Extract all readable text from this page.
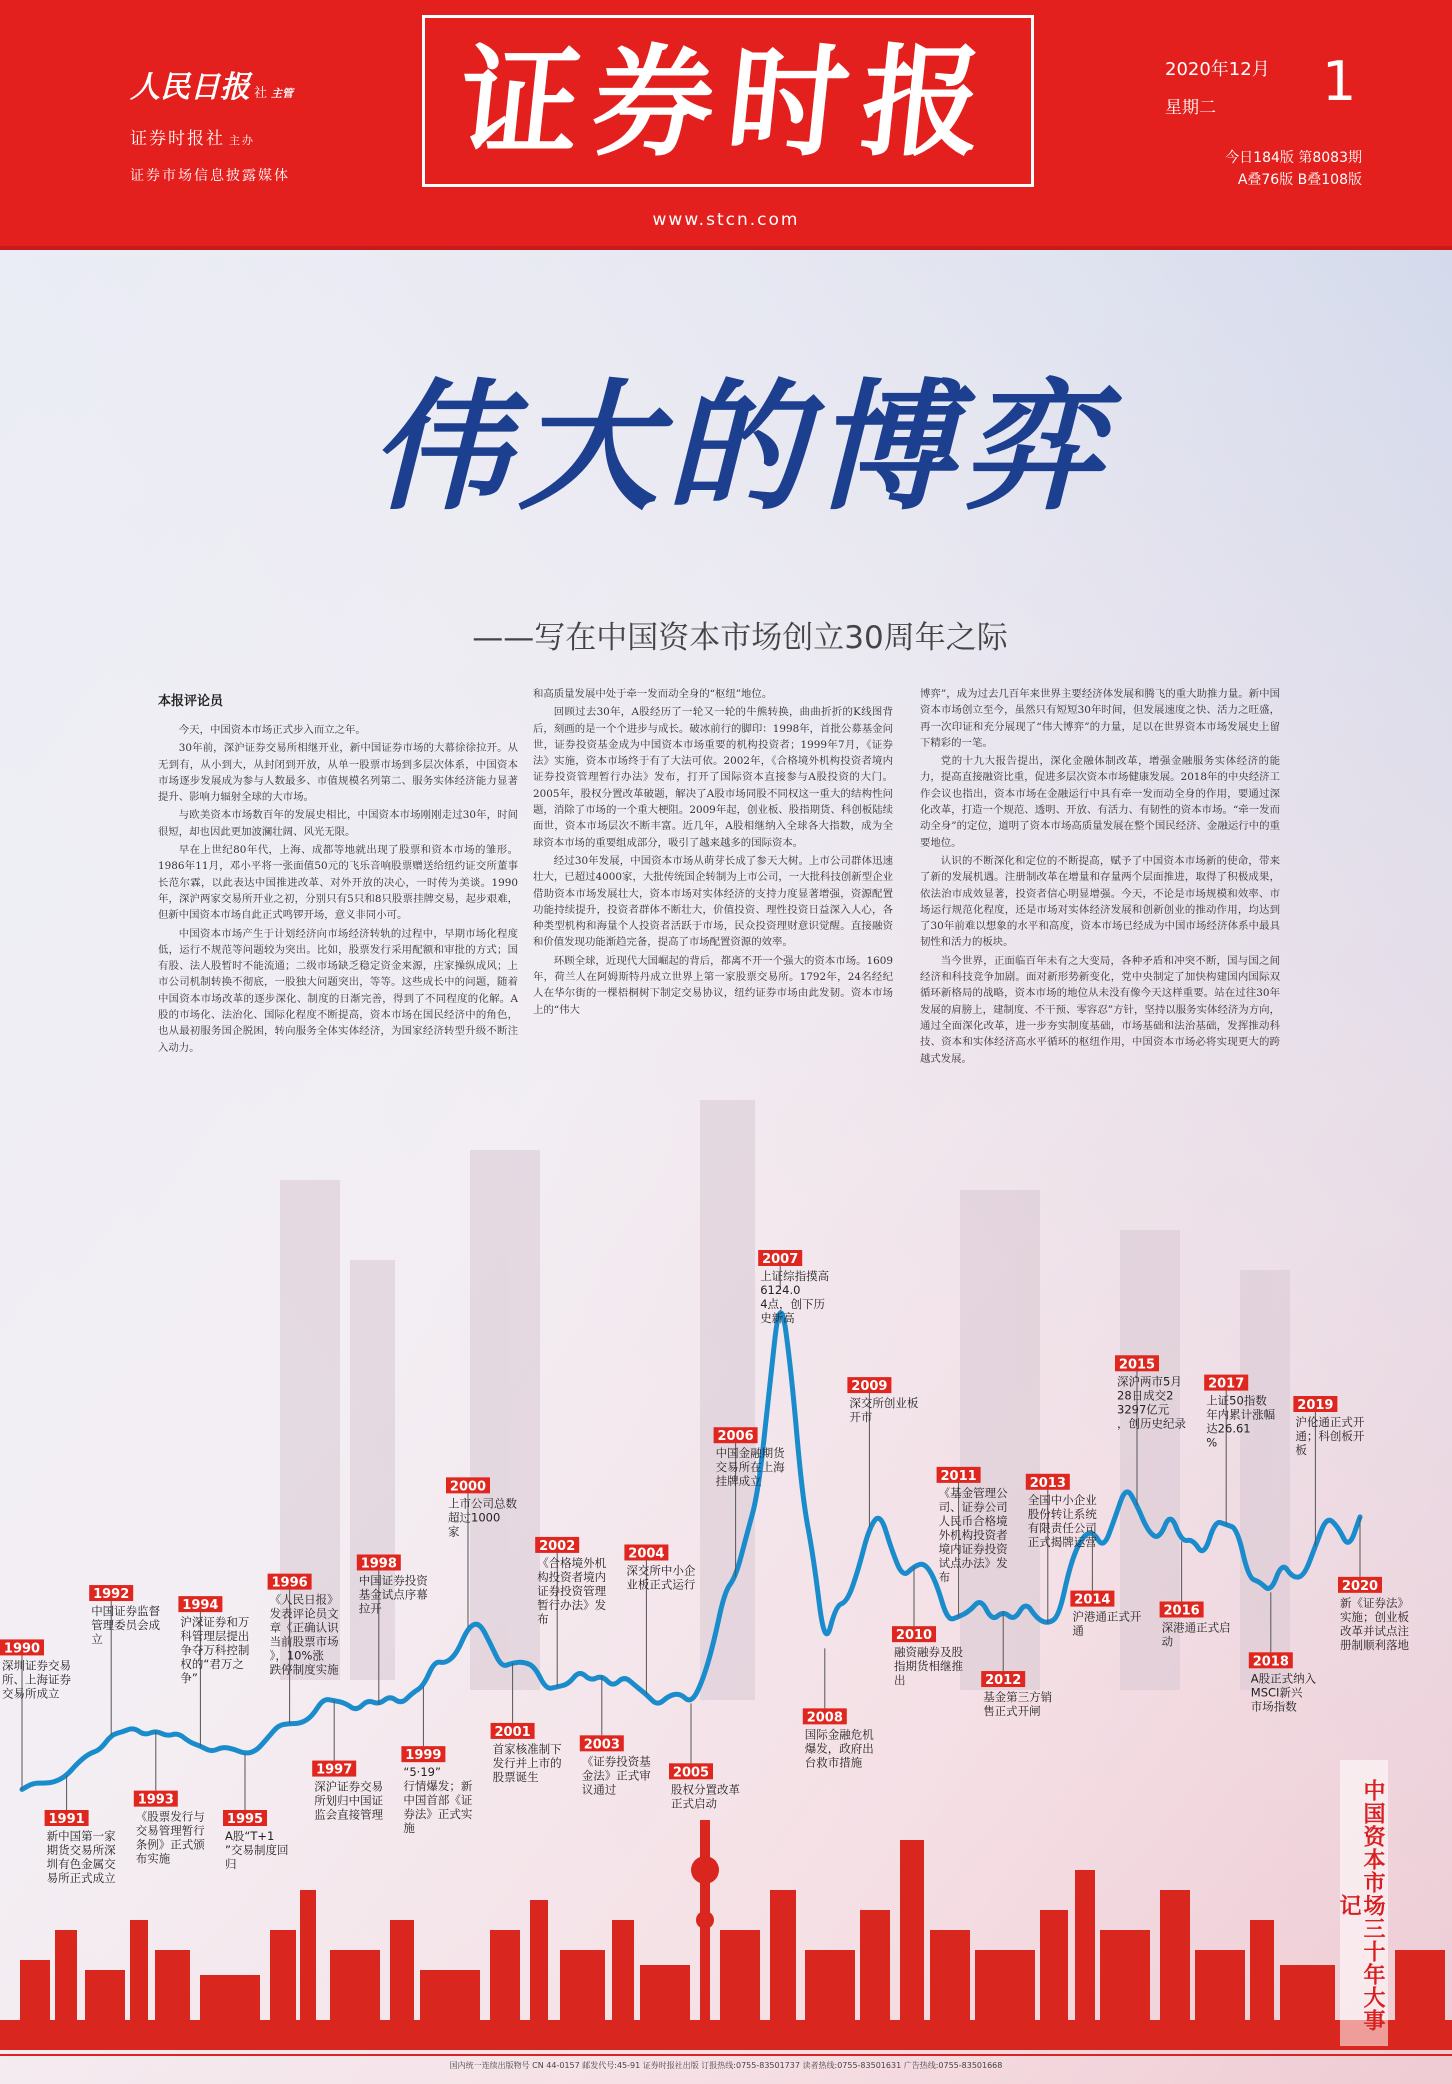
人民日报 社 主管
证券时报社 主办
证券市场信息披露媒体
证券时报
www.stcn.com
2020年12月
星期二	1
今日184版 第8083期
A叠76版 B叠108版
伟大的博弈
——写在中国资本市场创立30周年之际
本报评论员

今天，中国资本市场正式步入而立之年。

30年前，深沪证券交易所相继开业，新中国证券市场的大幕徐徐拉开。从无到有，从小到大，从封闭到开放，从单一股票市场到多层次体系，中国资本市场逐步发展成为参与人数最多、市值规模名列第二、服务实体经济能力显著提升、影响力辐射全球的大市场。

与欧美资本市场数百年的发展史相比，中国资本市场刚刚走过30年，时间很短，却也因此更加波澜壮阔、风光无限。

早在上世纪80年代，上海、成都等地就出现了股票和资本市场的雏形。1986年11月，邓小平将一张面值50元的飞乐音响股票赠送给纽约证交所董事长范尔霖，以此表达中国推进改革、对外开放的决心，一时传为美谈。1990年，深沪两家交易所开业之初，分别只有5只和8只股票挂牌交易，起步艰难，但新中国资本市场自此正式鸣锣开场，意义非同小可。

中国资本市场产生于计划经济向市场经济转轨的过程中，早期市场化程度低，运行不规范等问题较为突出。比如，股票发行采用配额和审批的方式；国有股、法人股暂时不能流通；二级市场缺乏稳定资金来源，庄家操纵成风；上市公司机制转换不彻底，一股独大问题突出，等等。这些成长中的问题，随着中国资本市场改革的逐步深化、制度的日渐完善，得到了不同程度的化解。A股的市场化、法治化、国际化程度不断提高，资本市场在国民经济中的角色，也从最初服务国企脱困，转向服务全体实体经济，为国家经济转型升级不断注入动力。

和高质量发展中处于牵一发而动全身的“枢纽”地位。

回顾过去30年，A股经历了一轮又一轮的牛熊转换，曲曲折折的K线图背后，刻画的是一个个进步与成长。破冰前行的脚印：1998年，首批公募基金问世，证券投资基金成为中国资本市场重要的机构投资者；1999年7月，《证券法》实施，资本市场终于有了大法可依。2002年，《合格境外机构投资者境内证券投资管理暂行办法》发布，打开了国际资本直接参与A股投资的大门。2005年，股权分置改革破题，解决了A股市场同股不同权这一重大的结构性问题，消除了市场的一个重大梗阻。2009年起，创业板、股指期货、科创板陆续面世，资本市场层次不断丰富。近几年，A股相继纳入全球各大指数，成为全球资本市场的重要组成部分，吸引了越来越多的国际资本。

经过30年发展，中国资本市场从萌芽长成了参天大树。上市公司群体迅速壮大，已超过4000家，大批传统国企转制为上市公司，一大批科技创新型企业借助资本市场发展壮大，资本市场对实体经济的支持力度显著增强，资源配置功能持续提升，投资者群体不断壮大，价值投资、理性投资日益深入人心，各种类型机构和海量个人投资者活跃于市场，民众投资理财意识觉醒。直接融资和价值发现功能渐趋完备，提高了市场配置资源的效率。

环顾全球，近现代大国崛起的背后，都离不开一个强大的资本市场。1609年，荷兰人在阿姆斯特丹成立世界上第一家股票交易所。1792年，24名经纪人在华尔街的一棵梧桐树下制定交易协议，纽约证券市场由此发韧。资本市场上的“伟大

博弈”，成为过去几百年来世界主要经济体发展和腾飞的重大助推力量。新中国资本市场创立至今，虽然只有短短30年时间，但发展速度之快、活力之旺盛，再一次印证和充分展现了“伟大博弈”的力量，足以在世界资本市场发展史上留下精彩的一笔。

党的十九大报告提出，深化金融体制改革，增强金融服务实体经济的能力，提高直接融资比重，促进多层次资本市场健康发展。2018年的中央经济工作会议也指出，资本市场在金融运行中具有牵一发而动全身的作用，要通过深化改革，打造一个规范、透明、开放、有活力、有韧性的资本市场。“牵一发而动全身”的定位，道明了资本市场高质量发展在整个国民经济、金融运行中的重要地位。

认识的不断深化和定位的不断提高，赋予了中国资本市场新的使命，带来了新的发展机遇。注册制改革在增量和存量两个层面推进，取得了积极成果，依法治市成效显著，投资者信心明显增强。今天，不论是市场规模和效率、市场运行规范化程度，还是市场对实体经济发展和创新创业的推动作用，均达到了30年前难以想象的水平和高度，资本市场已经成为中国市场经济体系中最具韧性和活力的板块。

当今世界，正面临百年未有之大变局，各种矛盾和冲突不断，国与国之间经济和科技竞争加剧。面对新形势新变化，党中央制定了加快构建国内国际双循环新格局的战略，资本市场的地位从未没有像今天这样重要。站在过往30年发展的肩膀上，建制度、不干预、零容忍”方针，坚持以服务实体经济为方向，通过全面深化改革，进一步夯实制度基础，市场基础和法治基础，发挥推动科技、资本和实体经济高水平循环的枢纽作用，中国资本市场必将实现更大的跨越式发展。

1990
深圳证券交易
所、上海证券
交易所成立
1991
新中国第一家
期货交易所深
圳有色金属交
易所正式成立
1992
中国证券监督
管理委员会成
立
1993
《股票发行与
交易管理暂行
条例》正式颁
布实施
1994
沪深证券和万
科管理层提出
争夺万科控制
权的“君万之
争”
1995
A股“T+1
”交易制度回
归
1996
《人民日报》
发表评论员文
章《正确认识
当前股票市场
》，10%涨
跌停制度实施
1997
深沪证券交易
所划归中国证
监会直接管理
1998
中国证券投资
基金试点序幕
拉开
1999
“5·19”
行情爆发；新
中国首部《证
券法》正式实
施
2000
上市公司总数
超过1000
家
2001
首家核准制下
发行并上市的
股票诞生
2002
《合格境外机
构投资者境内
证券投资管理
暂行办法》发
布
2003
《证券投资基
金法》正式审
议通过
2004
深交所中小企
业板正式运行
2005
股权分置改革
正式启动
2006
中国金融期货
交易所在上海
挂牌成立
2007
上证综指摸高
6124.0
4点，创下历
史新高
2008
国际金融危机
爆发，政府出
台救市措施
2009
深交所创业板
开市
2010
融资融券及股
指期货相继推
出
2011
《基金管理公
司、证券公司
人民币合格境
外机构投资者
境内证券投资
试点办法》发
布
2012
基金第三方销
售正式开闸
2013
全国中小企业
股份转让系统
有限责任公司
正式揭牌运营
2014
沪港通正式开
通
2015
深沪两市5月
28日成交2
3297亿元
，创历史纪录
2016
深港通正式启
动
2017
上证50指数
年内累计涨幅
达26.61
%
2018
A股正式纳入
MSCI新兴
市场指数
2019
沪伦通正式开
通；科创板开
板
2020
新《证券法》
实施；创业板
改革并试点注
册制顺利落地
中国资本市场三十年大事记
国内统一连续出版物号 CN 44-0157 邮发代号:45-91 证券时报社出版 订报热线:0755-83501737 读者热线:0755-83501631 广告热线:0755-83501668
